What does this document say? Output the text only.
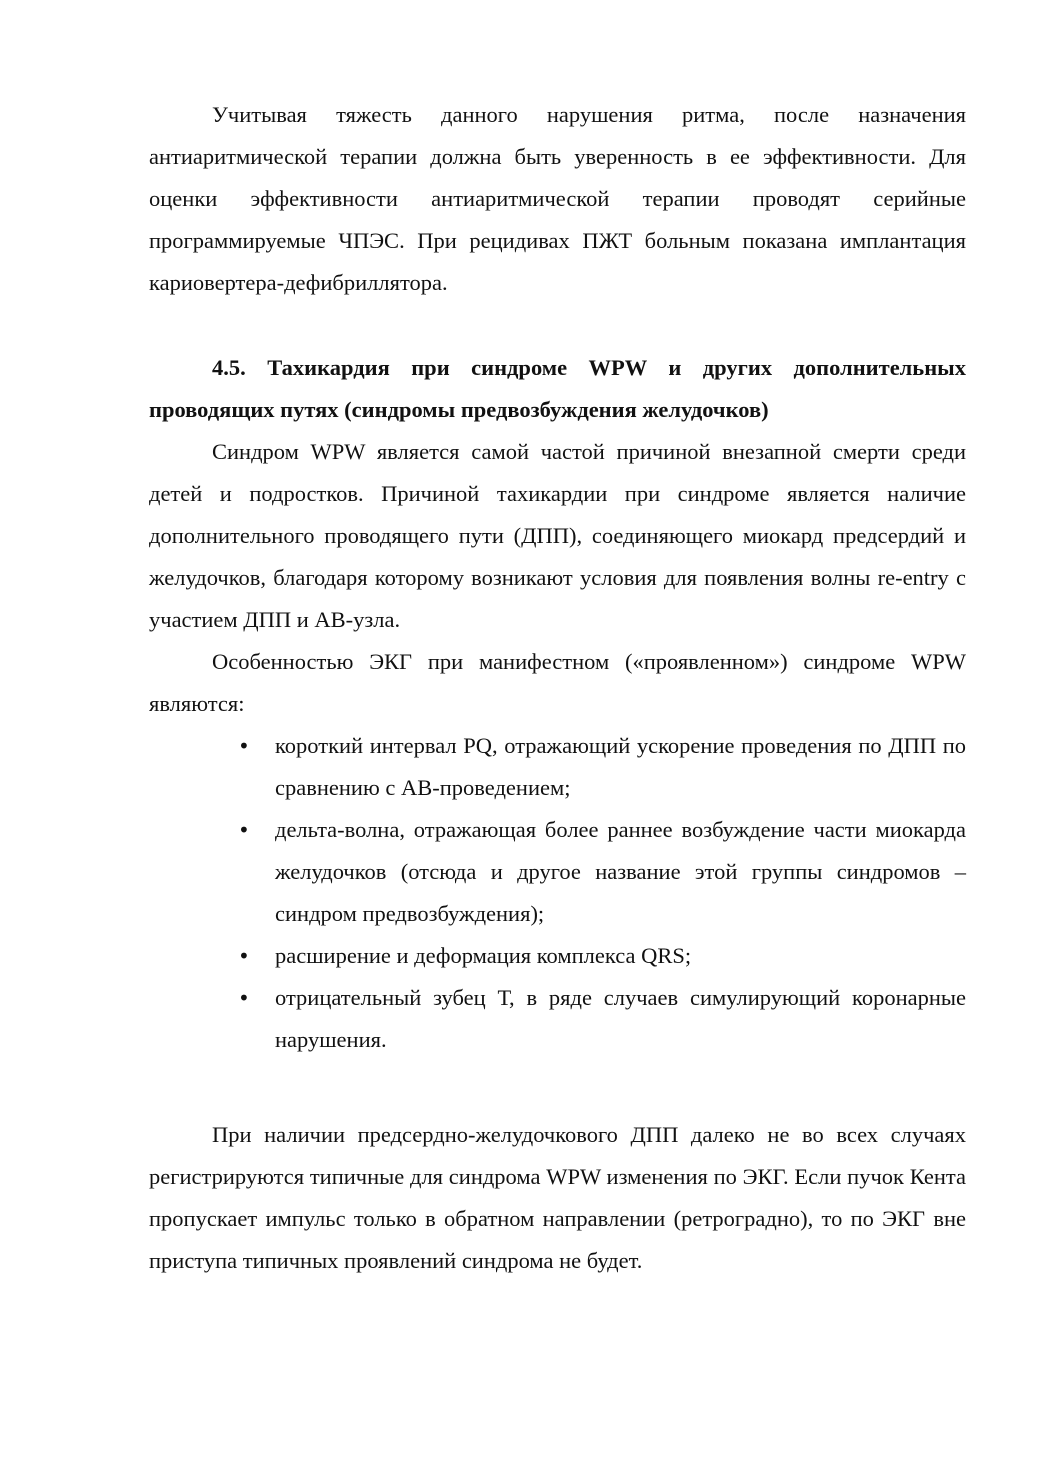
Учитывая тяжесть данного нарушения ритма, после назначения антиаритмической терапии должна быть уверенность в ее эффективности. Для оценки эффективности антиаритмической терапии проводят серийные программируемые ЧПЭС. При рецидивах ПЖТ больным показана имплантация кариовертера-дефибриллятора.

4.5. Тахикардия при синдроме WPW и других дополнительных проводящих путях (синдромы предвозбуждения желудочков)

Синдром WPW является самой частой причиной внезапной смерти среди детей и подростков. Причиной тахикардии при синдроме является наличие дополнительного проводящего пути (ДПП), соединяющего миокард предсердий и желудочков, благодаря которому возникают условия для появления волны re-entry с участием ДПП и АВ-узла.

Особенностью ЭКГ при манифестном («проявленном») синдроме WPW являются:

•
короткий интервал PQ, отражающий ускорение проведения по ДПП по сравнению с АВ-проведением;
•
дельта-волна, отражающая более раннее возбуждение части миокарда желудочков (отсюда и другое название этой группы синдромов – синдром предвозбуждения);
•
расширение и деформация комплекса QRS;
•
отрицательный зубец Т, в ряде случаев симулирующий коронарные нарушения.

При наличии предсердно-желудочкового ДПП далеко не во всех случаях регистрируются типичные для синдрома WPW изменения по ЭКГ. Если пучок Кента пропускает импульс только в обратном направлении (ретроградно), то по ЭКГ вне приступа типичных проявлений синдрома не будет.
